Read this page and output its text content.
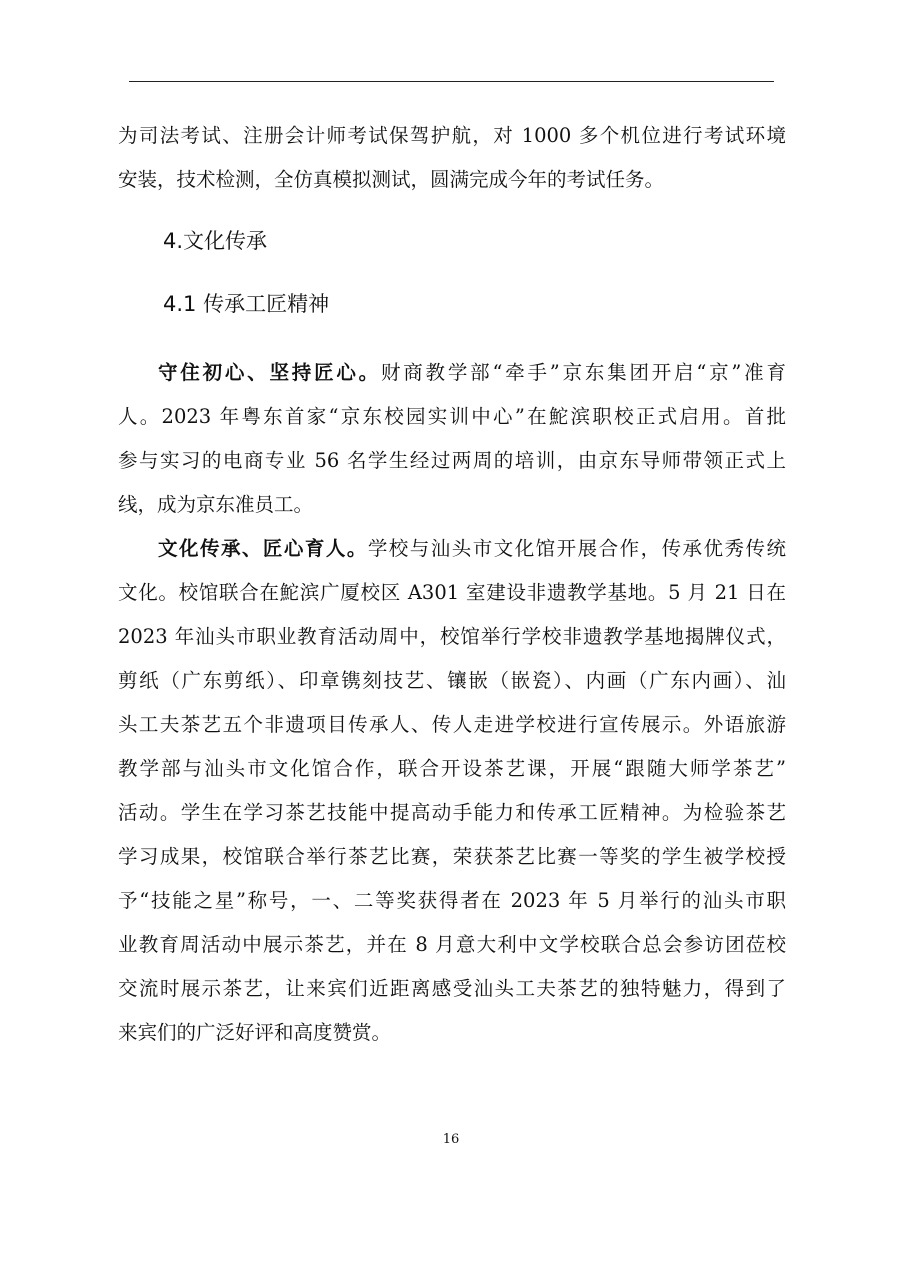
为司法考试、注册会计师考试保驾护航，对 1000 多个机位进行考试环境
安装，技术检测，全仿真模拟测试，圆满完成今年的考试任务。
4.文化传承
4.1 传承工匠精神
守住初心、坚持匠心。财商教学部“牵手”京东集团开启“京”准育
人。2023 年粤东首家“京东校园实训中心”在鮀滨职校正式启用。首批
参与实习的电商专业 56 名学生经过两周的培训，由京东导师带领正式上
线，成为京东准员工。
文化传承、匠心育人。学校与汕头市文化馆开展合作，传承优秀传统
文化。校馆联合在鮀滨广厦校区 A301 室建设非遗教学基地。5 月 21 日在
2023 年汕头市职业教育活动周中，校馆举行学校非遗教学基地揭牌仪式，
剪纸（广东剪纸）、印章镌刻技艺、镶嵌（嵌瓷）、内画（广东内画）、汕
头工夫茶艺五个非遗项目传承人、传人走进学校进行宣传展示。外语旅游
教学部与汕头市文化馆合作，联合开设茶艺课，开展“跟随大师学茶艺”
活动。学生在学习茶艺技能中提高动手能力和传承工匠精神。为检验茶艺
学习成果，校馆联合举行茶艺比赛，荣获茶艺比赛一等奖的学生被学校授
予“技能之星”称号，一、二等奖获得者在 2023 年 5 月举行的汕头市职
业教育周活动中展示茶艺，并在 8 月意大利中文学校联合总会参访团莅校
交流时展示茶艺，让来宾们近距离感受汕头工夫茶艺的独特魅力，得到了
来宾们的广泛好评和高度赞赏。
16
